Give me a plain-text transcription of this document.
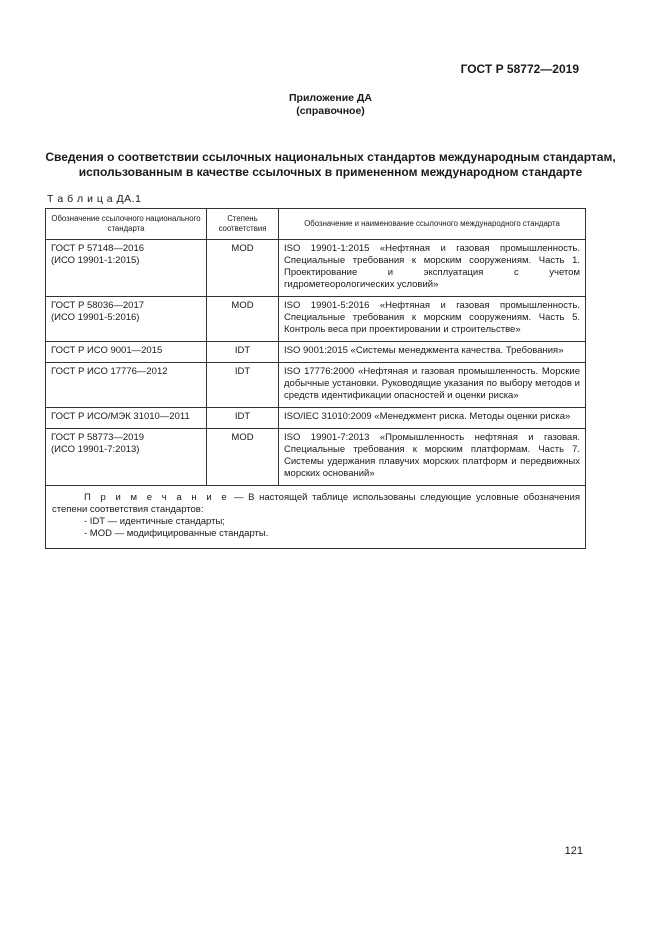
ГОСТ Р 58772—2019
Приложение ДА
(справочное)
Сведения о соответствии ссылочных национальных стандартов международным стандартам,
использованным в качестве ссылочных в примененном международном стандарте
Т а б л и ц а ДА.1
Обозначение ссылочного национального стандарта	Степень соответствия	Обозначение и наименование ссылочного международного стандарта

ГОСТ Р 57148—2016
(ИСО 19901-1:2015)	MOD	ISO 19901-1:2015 «Нефтяная и газовая промышленность. Специальные требования к морским сооружениям. Часть 1. Проектирование и эксплуатация с учетом гидрометеорологических условий»

ГОСТ Р 58036—2017
(ИСО 19901-5:2016)	MOD	ISO 19901-5:2016 «Нефтяная и газовая промышленность. Специальные требования к морским сооружениям. Часть 5. Контроль веса при проектировании и строительстве»

ГОСТ Р ИСО 9001—2015	IDT	ISO 9001:2015 «Системы менеджмента качества. Требования»

ГОСТ Р ИСО 17776—2012	IDT	ISO 17776:2000 «Нефтяная и газовая промышленность. Морские добычные установки. Руководящие указания по выбору методов и средств идентификации опасностей и оценки риска»

ГОСТ Р ИСО/МЭК 31010—2011	IDT	ISO/IEC 31010:2009 «Менеджмент риска. Методы оценки риска»

ГОСТ Р 58773—2019
(ИСО 19901-7:2013)	MOD	ISO 19901-7:2013 «Промышленность нефтяная и газовая. Специальные требования к морским платформам. Часть 7. Системы удержания плавучих морских платформ и передвижных морских оснований»

П р и м е ч а н и е — В настоящей таблице использованы следующие условные обозначения степени соответствия стандартов:

- IDT — идентичные стандарты;
- MOD — модифицированные стандарты.		
121
